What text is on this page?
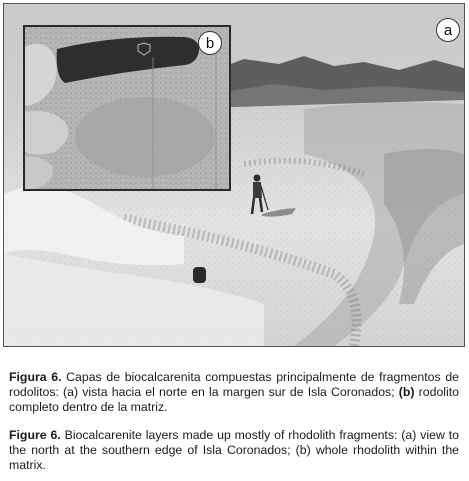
b
a

Figura 6. Capas de biocalcarenita compuestas principalmente de fragmentos de rodolitos: (a) vista hacia el norte en la margen sur de Isla Coronados; (b) rodolito completo dentro de la matriz.

Figure 6. Biocalcarenite layers made up mostly of rhodolith fragments: (a) view to the north at the southern edge of Isla Coronados; (b) whole rhodolith within the matrix.
